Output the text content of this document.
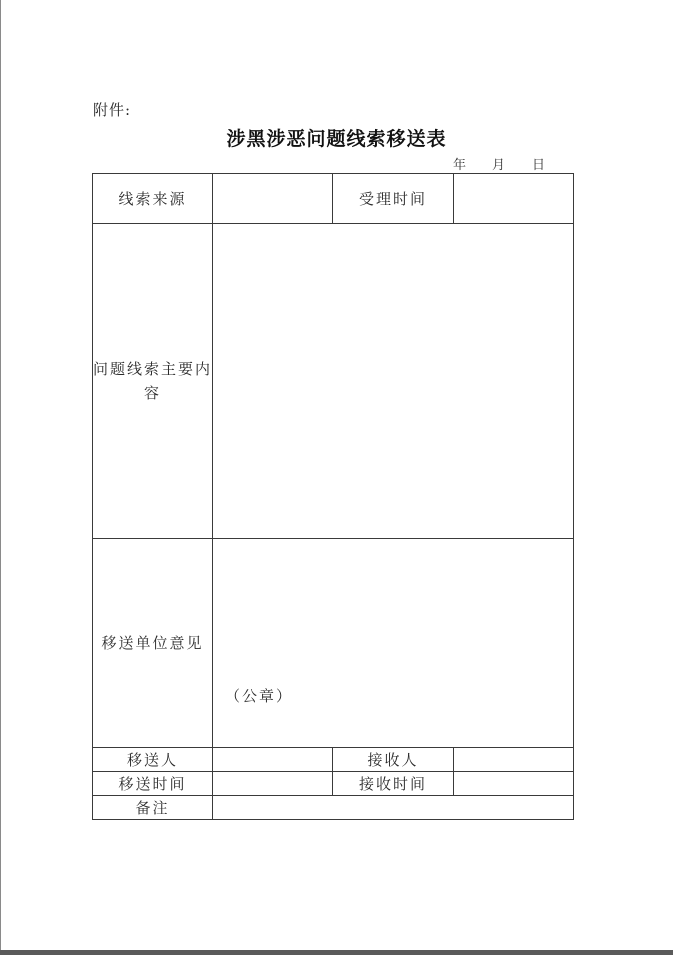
附件:
涉黑涉恶问题线索移送表
年 月 日
线索来源		受理时间	
问题线索主要内容			
移送单位意见	（公章）		

移送人		接收人	
移送时间		接收时间	
备注			
